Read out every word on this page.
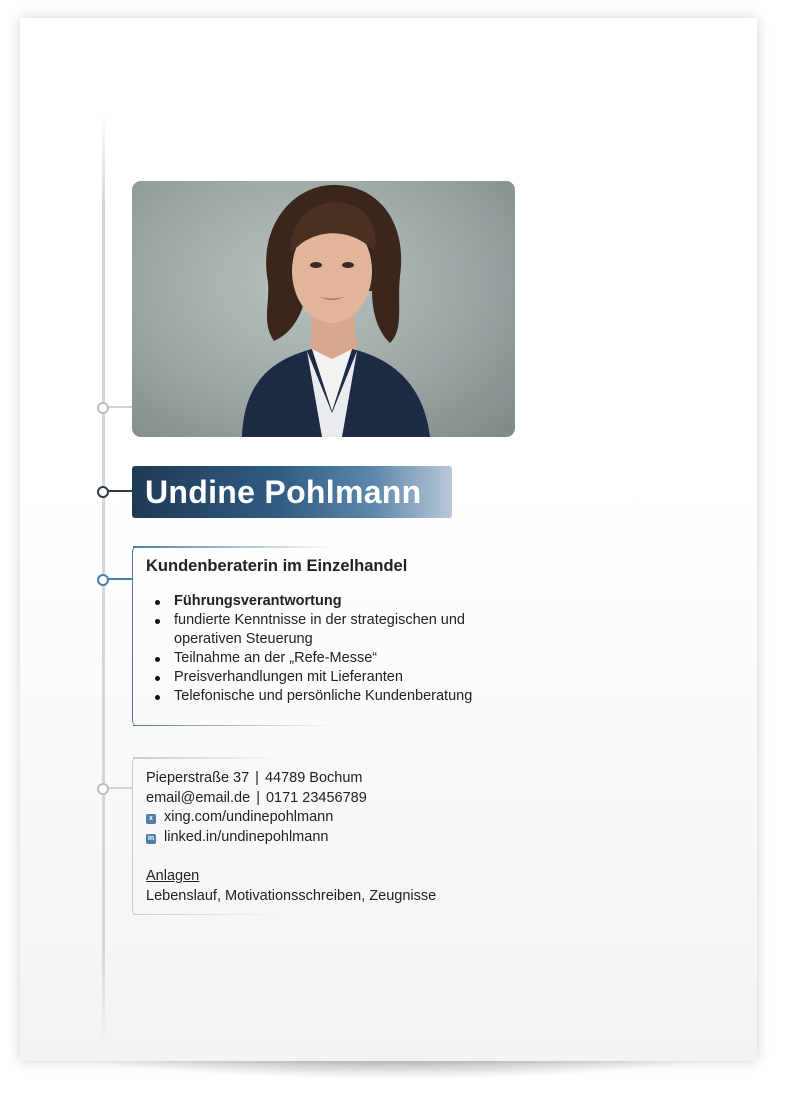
Undine Pohlmann
Kundenberaterin im Einzelhandel
Führungsverantwortung
fundierte Kenntnisse in der strategischen und
operativen Steuerung
Teilnahme an der „Refe-Messe“
Preisverhandlungen mit Lieferanten
Telefonische und persönliche Kundenberatung
Pieperstraße 37 | 44789 Bochum
email@email.de | 0171 23456789
x xing.com/undinepohlmann
in linked.in/undinepohlmann
Anlagen
Lebenslauf, Motivationsschreiben, Zeugnisse
